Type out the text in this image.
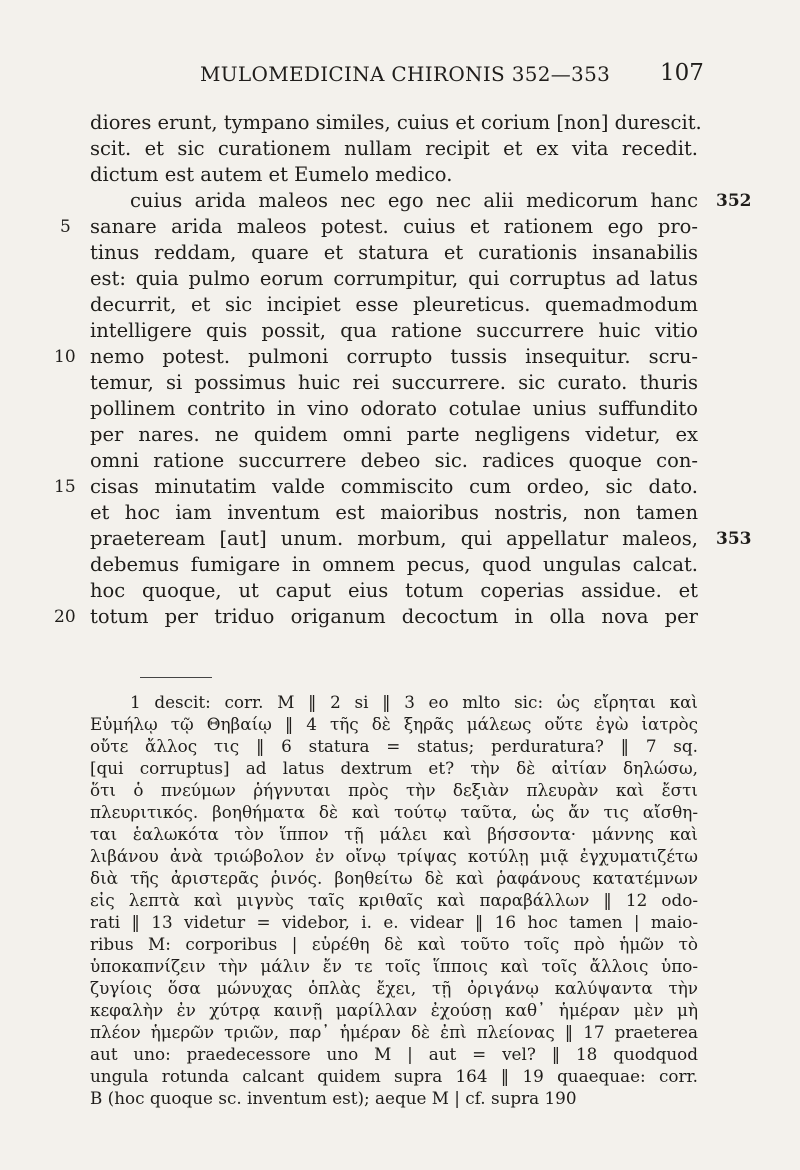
MULOMEDICINA CHIRONIS 352—353 107
diores erunt, tympano similes, cuius et corium [non] durescit.
scit. et sic curationem nullam recipit et ex vita recedit.
dictum est autem et Eumelo medico.
cuius arida maleos nec ego nec alii medicorum hanc
sanare arida maleos potest. cuius et rationem ego pro-
tinus reddam, quare et statura et curationis insanabilis
est: quia pulmo eorum corrumpitur, qui corruptus ad latus
decurrit, et sic incipiet esse pleureticus. quemadmodum
intelligere quis possit, qua ratione succurrere huic vitio
nemo potest. pulmoni corrupto tussis insequitur. scru-
temur, si possimus huic rei succurrere. sic curato. thuris
pollinem contrito in vino odorato cotulae unius suffundito
per nares. ne quidem omni parte negligens videtur, ex
omni ratione succurrere debeo sic. radices quoque con-
cisas minutatim valde commiscito cum ordeo, sic dato.
et hoc iam inventum est maioribus nostris, non tamen
praeteream [aut] unum. morbum, qui appellatur maleos,
debemus fumigare in omnem pecus, quod ungulas calcat.
hoc quoque, ut caput eius totum coperias assidue. et
totum per triduo origanum decoctum in olla nova per
5
10
15
20
352
353
1 descit: corr. M ‖ 2 si ‖ 3 eo mlto sic: ὡς εἴρηται καὶ
Εὐμήλῳ τῷ Θηβαίῳ ‖ 4 τῆς δὲ ξηρᾶς μάλεως οὔτε ἐγὼ ἰατρὸς
οὔτε ἄλλος τις ‖ 6 statura = status; perduratura? ‖ 7 sq.
[qui corruptus] ad latus dextrum et? τὴν δὲ αἰτίαν δηλώσω,
ὅτι ὁ πνεύμων ῥήγνυται πρὸς τὴν δεξιὰν πλευρὰν καὶ ἔστι
πλευριτικός. βοηθήματα δὲ καὶ τούτῳ ταῦτα, ὡς ἄν τις αἴσθη-
ται ἑαλωκότα τὸν ἵππον τῇ μάλει καὶ βήσσοντα· μάννης καὶ
λιβάνου ἀνὰ τριώβολον ἐν οἴνῳ τρίψας κοτύλῃ μιᾷ ἐγχυματιζέτω
διὰ τῆς ἀριστερᾶς ῥινός. βοηθείτω δὲ καὶ ῥαφάνους κατατέμνων
εἰς λεπτὰ καὶ μιγνὺς ταῖς κριθαῖς καὶ παραβάλλων ‖ 12 odo-
rati ‖ 13 videtur = videbor, i. e. videar ‖ 16 hoc tamen | maio-
ribus M: corporibus | εὑρέθη δὲ καὶ τοῦτο τοῖς πρὸ ἡμῶν τὸ
ὑποκαπνίζειν τὴν μάλιν ἔν τε τοῖς ἵπποις καὶ τοῖς ἄλλοις ὑπο-
ζυγίοις ὅσα μώνυχας ὁπλὰς ἔχει, τῇ ὀριγάνῳ καλύψαντα τὴν
κεφαλὴν ἐν χύτρᾳ καινῇ μαρίλλαν ἐχούσῃ καθ᾽ ἡμέραν μὲν μὴ
πλέον ἡμερῶν τριῶν, παρ᾽ ἡμέραν δὲ ἐπὶ πλείονας ‖ 17 praeterea
aut uno: praedecessore uno M | aut = vel? ‖ 18 quodquod
ungula rotunda calcant quidem supra 164 ‖ 19 quaequae: corr.
B (hoc quoque sc. inventum est); aeque M | cf. supra 190
